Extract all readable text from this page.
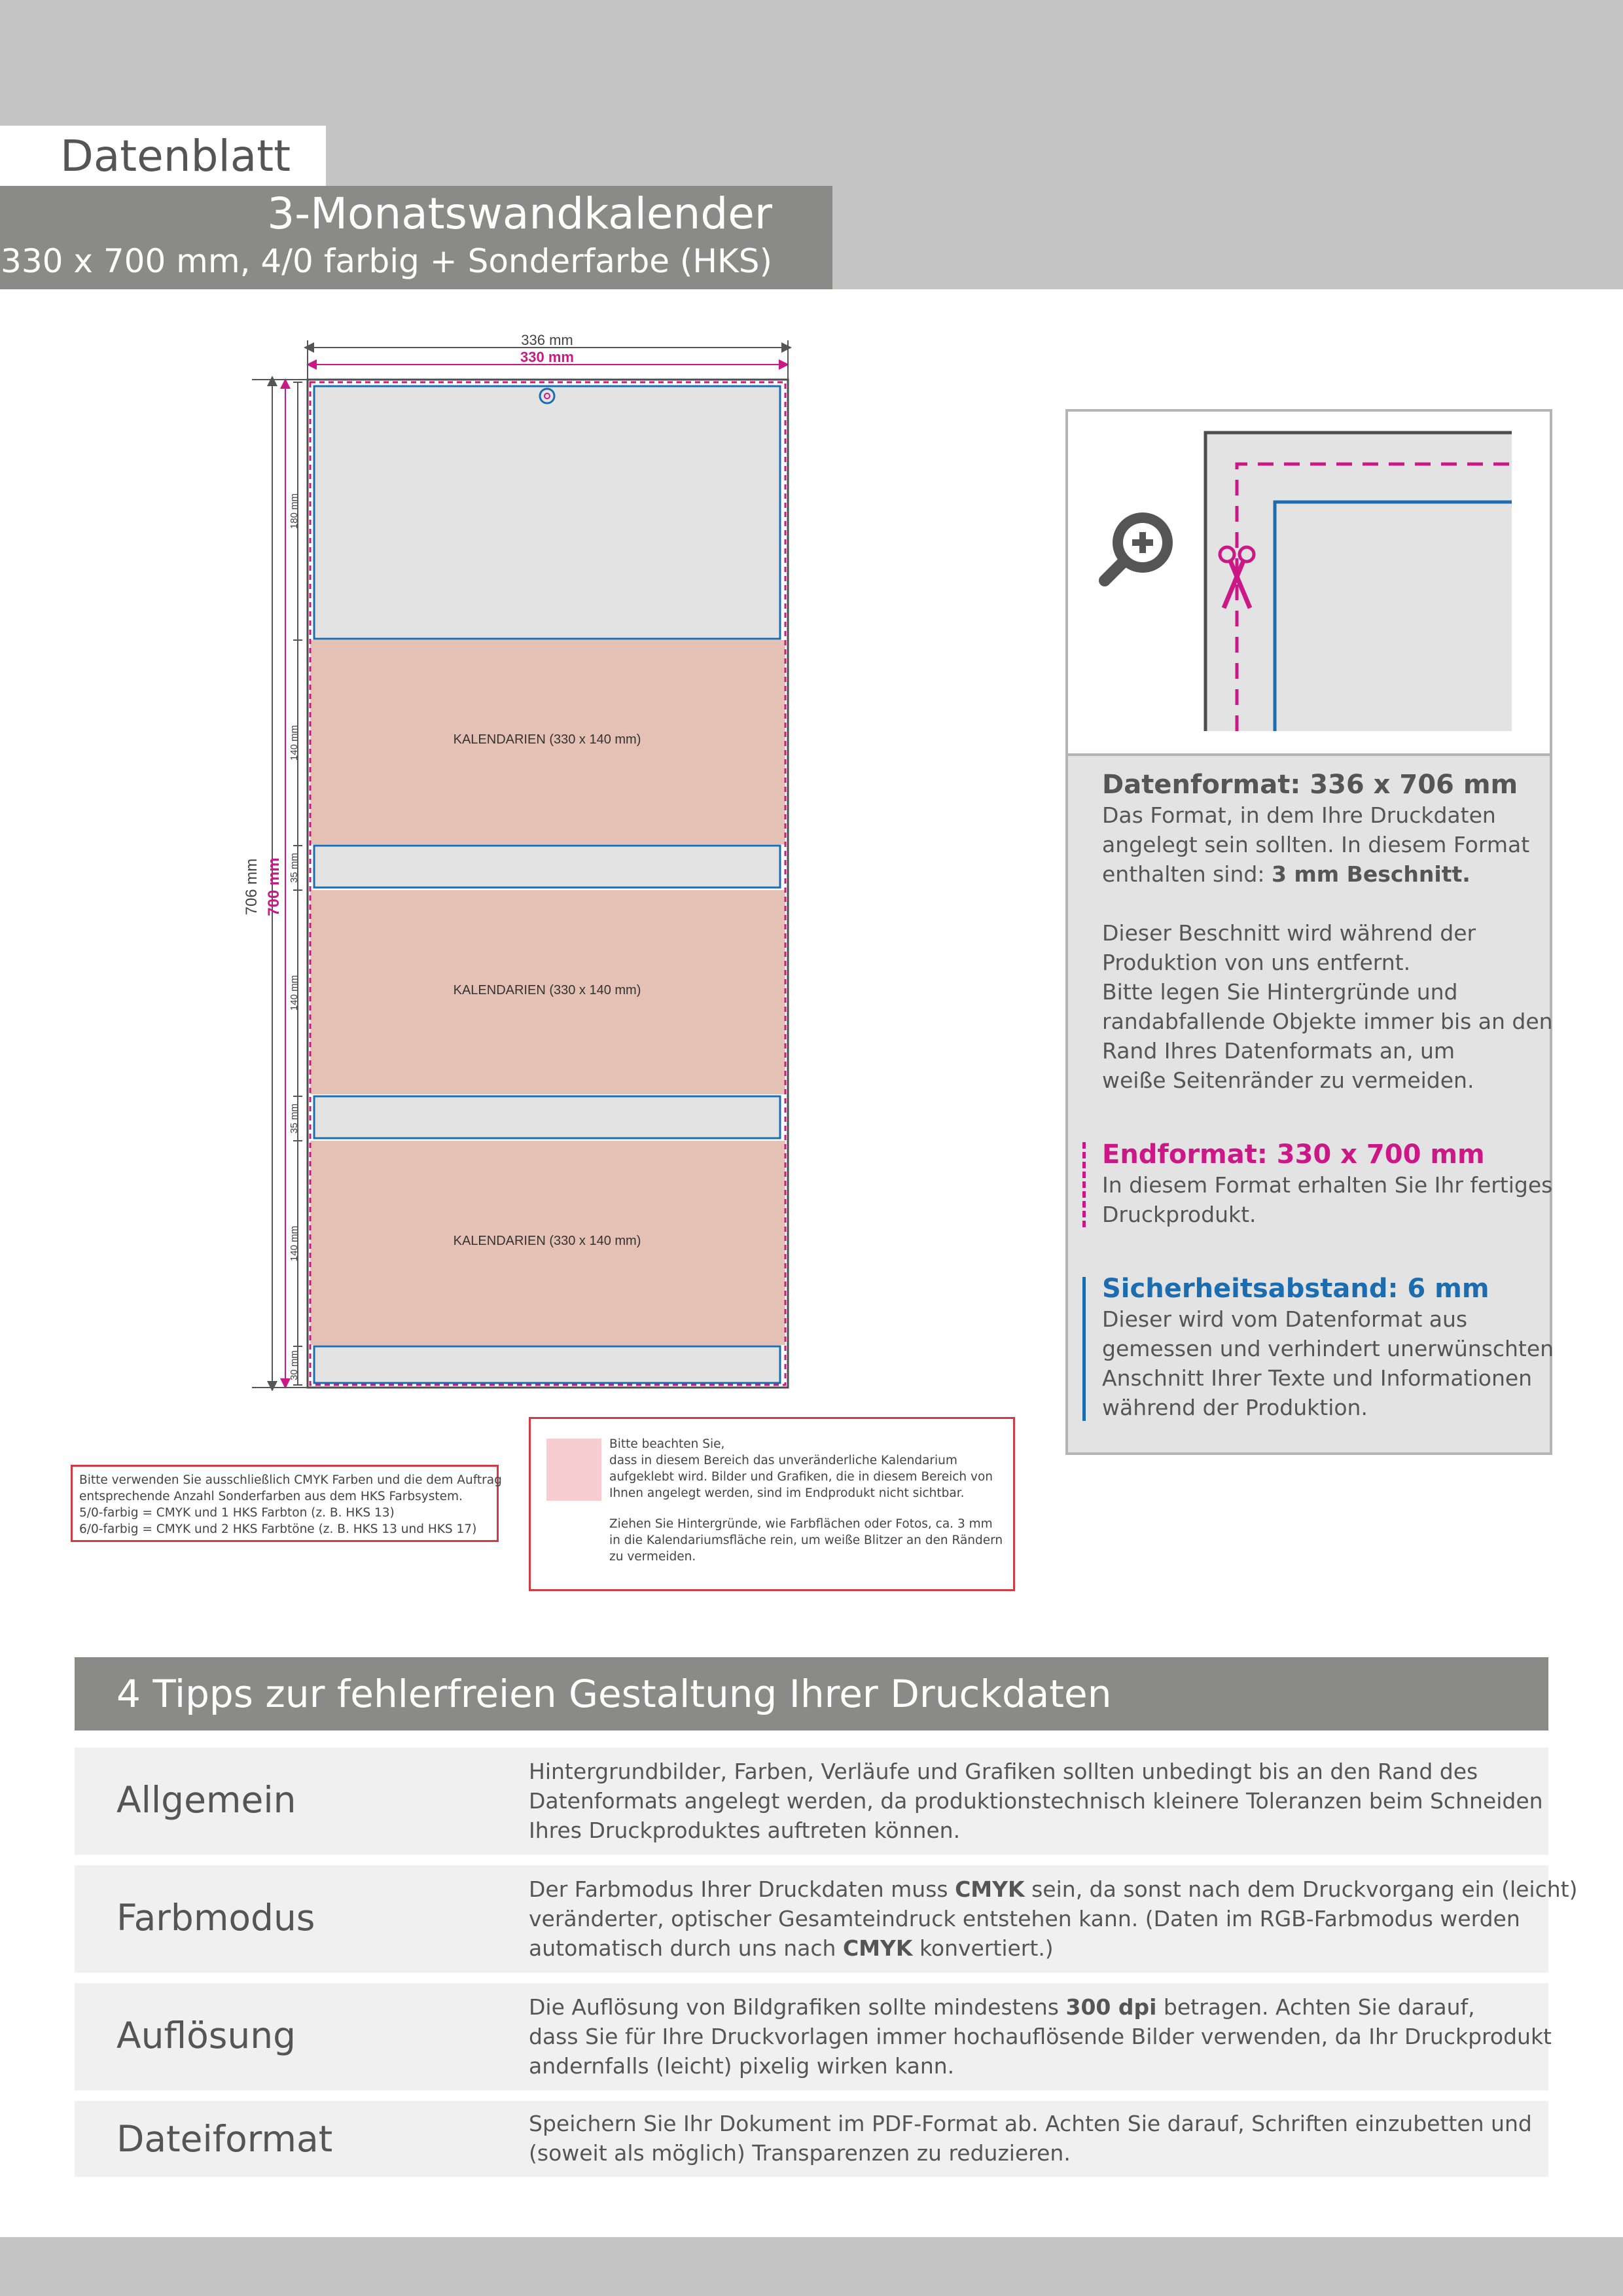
Datenblatt
3-Monatswandkalender
330 x 700 mm, 4/0 farbig + Sonderfarbe (HKS)
KALENDARIEN (330 x 140 mm)
KALENDARIEN (330 x 140 mm)
KALENDARIEN (330 x 140 mm)
336 mm
330 mm
706 mm 700 mm
180 mm
140 mm
35 mm
140 mm
35 mm
140 mm
30 mm
Bitte verwenden Sie ausschließlich CMYK Farben und die dem Auftrag
entsprechende Anzahl Sonderfarben aus dem HKS Farbsystem.
5/0-farbig = CMYK und 1 HKS Farbton (z. B. HKS 13)
6/0-farbig = CMYK und 2 HKS Farbtöne (z. B. HKS 13 und HKS 17)
Bitte beachten Sie,
dass in diesem Bereich das unveränderliche Kalendarium
aufgeklebt wird. Bilder und Grafiken, die in diesem Bereich von
Ihnen angelegt werden, sind im Endprodukt nicht sichtbar.
Ziehen Sie Hintergründe, wie Farbflächen oder Fotos, ca. 3 mm
in die Kalendariumsfläche rein, um weiße Blitzer an den Rändern
zu vermeiden.
Datenformat: 336 x 706 mm
Das Format, in dem Ihre Druckdaten
angelegt sein sollten. In diesem Format
enthalten sind: 3 mm Beschnitt.
Dieser Beschnitt wird während der
Produktion von uns entfernt.
Bitte legen Sie Hintergründe und
randabfallende Objekte immer bis an den
Rand Ihres Datenformats an, um
weiße Seitenränder zu vermeiden.
Endformat: 330 x 700 mm
In diesem Format erhalten Sie Ihr fertiges
Druckprodukt.
Sicherheitsabstand: 6 mm
Dieser wird vom Datenformat aus
gemessen und verhindert unerwünschten
Anschnitt Ihrer Texte und Informationen
während der Produktion.
4 Tipps zur fehlerfreien Gestaltung Ihrer Druckdaten
Allgemein
Hintergrundbilder, Farben, Verläufe und Grafiken sollten unbedingt bis an den Rand des
Datenformats angelegt werden, da produktionstechnisch kleinere Toleranzen beim Schneiden
Ihres Druckproduktes auftreten können.
Farbmodus
Der Farbmodus Ihrer Druckdaten muss CMYK sein, da sonst nach dem Druckvorgang ein (leicht)
veränderter, optischer Gesamteindruck entstehen kann. (Daten im RGB-Farbmodus werden
automatisch durch uns nach CMYK konvertiert.)
Auflösung
Die Auflösung von Bildgrafiken sollte mindestens 300 dpi betragen. Achten Sie darauf,
dass Sie für Ihre Druckvorlagen immer hochauflösende Bilder verwenden, da Ihr Druckprodukt
andernfalls (leicht) pixelig wirken kann.
Dateiformat	Speichern Sie Ihr Dokument im PDF-Format ab. Achten Sie darauf, Schriften einzubetten und
(soweit als möglich) Transparenzen zu reduzieren.
